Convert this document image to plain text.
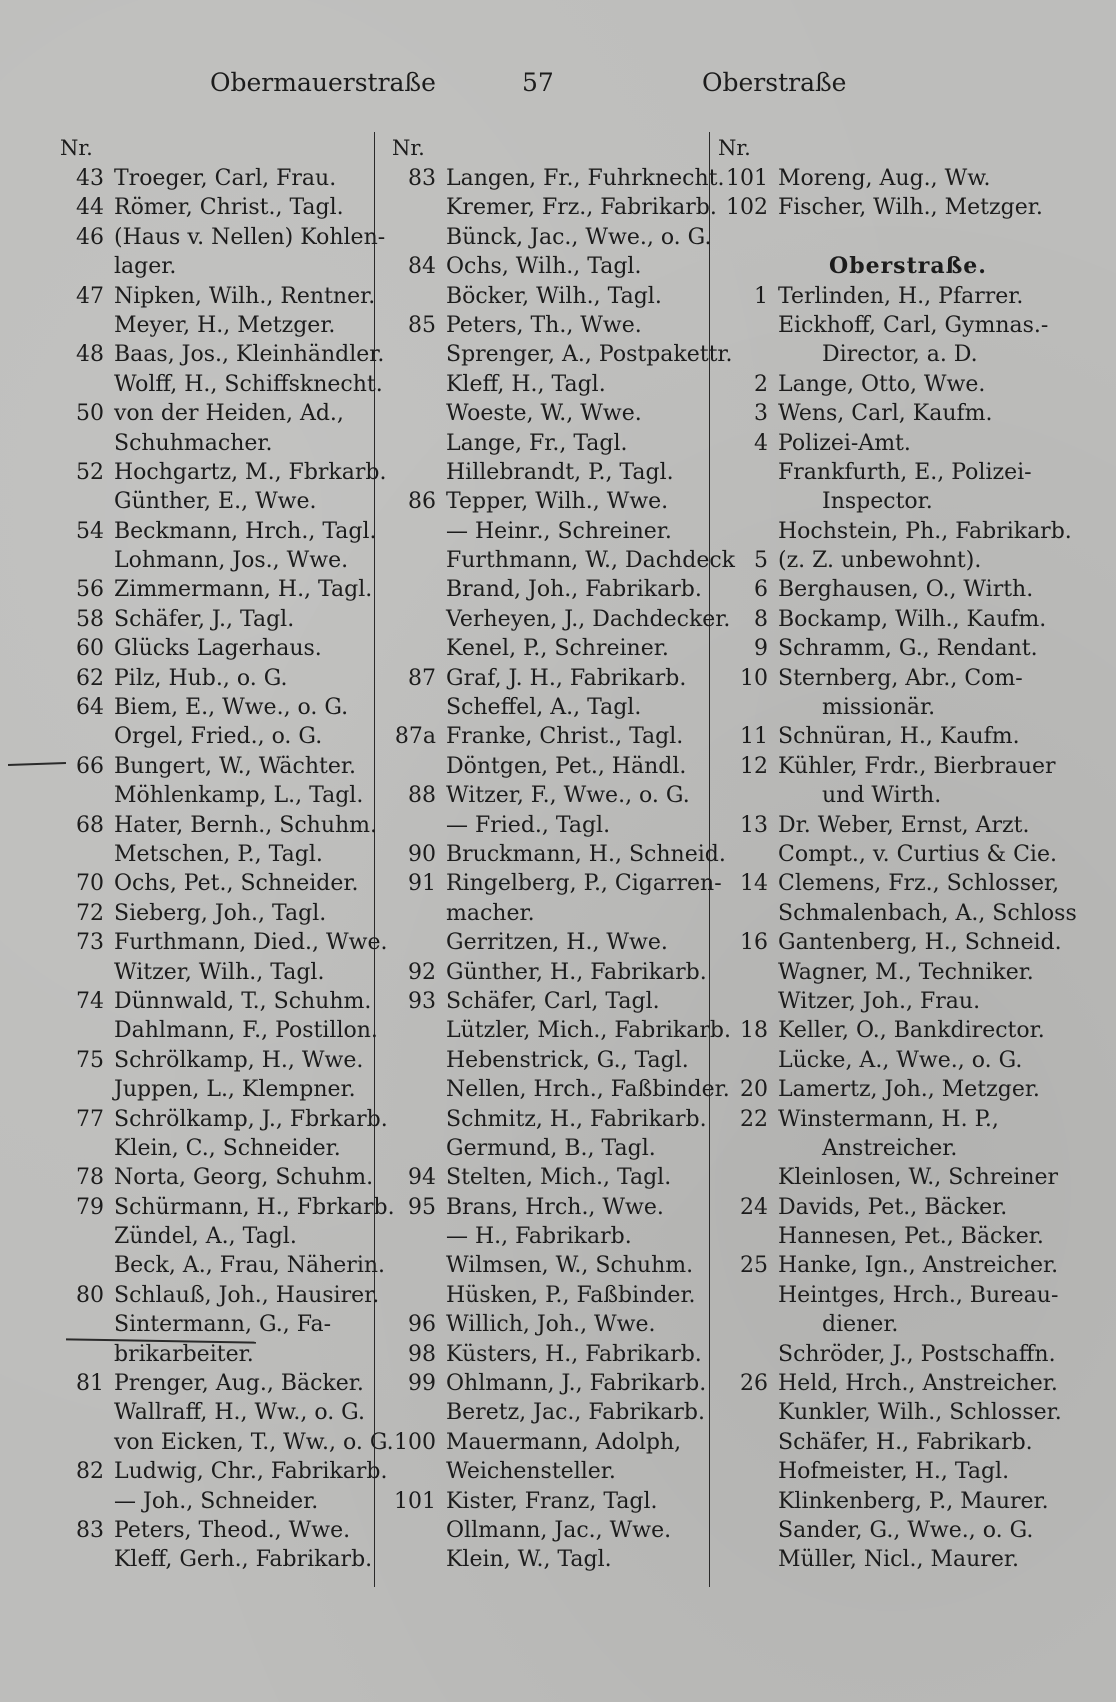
Obermauerstraße	57	Oberstraße
Nr.
43 Troeger, Carl, Frau.
44 Römer, Christ., Tagl.
46 (Haus v. Nellen) Kohlen-
lager.
47 Nipken, Wilh., Rentner.
Meyer, H., Metzger.
48 Baas, Jos., Kleinhändler.
Wolff, H., Schiffsknecht.
50 von der Heiden, Ad.,
Schuhmacher.
52 Hochgartz, M., Fbrkarb.
Günther, E., Wwe.
54 Beckmann, Hrch., Tagl.
Lohmann, Jos., Wwe.
56 Zimmermann, H., Tagl.
58 Schäfer, J., Tagl.
60 Glücks Lagerhaus.
62 Pilz, Hub., o. G.
64 Biem, E., Wwe., o. G.
Orgel, Fried., o. G.
66 Bungert, W., Wächter.
Möhlenkamp, L., Tagl.
68 Hater, Bernh., Schuhm.
Metschen, P., Tagl.
70 Ochs, Pet., Schneider.
72 Sieberg, Joh., Tagl.
73 Furthmann, Died., Wwe.
Witzer, Wilh., Tagl.
74 Dünnwald, T., Schuhm.
Dahlmann, F., Postillon.
75 Schrölkamp, H., Wwe.
Juppen, L., Klempner.
77 Schrölkamp, J., Fbrkarb.
Klein, C., Schneider.
78 Norta, Georg, Schuhm.
79 Schürmann, H., Fbrkarb.
Zündel, A., Tagl.
Beck, A., Frau, Näherin.
80 Schlauß, Joh., Hausirer.
Sintermann, G., Fa-
brikarbeiter.
81 Prenger, Aug., Bäcker.
Wallraff, H., Ww., o. G.
von Eicken, T., Ww., o. G.
82 Ludwig, Chr., Fabrikarb.
— Joh., Schneider.
83 Peters, Theod., Wwe.
Kleff, Gerh., Fabrikarb.
Nr.
83 Langen, Fr., Fuhrknecht.
Kremer, Frz., Fabrikarb.
Bünck, Jac., Wwe., o. G.
84 Ochs, Wilh., Tagl.
Böcker, Wilh., Tagl.
85 Peters, Th., Wwe.
Sprenger, A., Postpakettr.
Kleff, H., Tagl.
Woeste, W., Wwe.
Lange, Fr., Tagl.
Hillebrandt, P., Tagl.
86 Tepper, Wilh., Wwe.
— Heinr., Schreiner.
Furthmann, W., Dachdeck
Brand, Joh., Fabrikarb.
Verheyen, J., Dachdecker.
Kenel, P., Schreiner.
87 Graf, J. H., Fabrikarb.
Scheffel, A., Tagl.
87a Franke, Christ., Tagl.
Döntgen, Pet., Händl.
88 Witzer, F., Wwe., o. G.
— Fried., Tagl.
90 Bruckmann, H., Schneid.
91 Ringelberg, P., Cigarren-
macher.
Gerritzen, H., Wwe.
92 Günther, H., Fabrikarb.
93 Schäfer, Carl, Tagl.
Lützler, Mich., Fabrikarb.
Hebenstrick, G., Tagl.
Nellen, Hrch., Faßbinder.
Schmitz, H., Fabrikarb.
Germund, B., Tagl.
94 Stelten, Mich., Tagl.
95 Brans, Hrch., Wwe.
— H., Fabrikarb.
Wilmsen, W., Schuhm.
Hüsken, P., Faßbinder.
96 Willich, Joh., Wwe.
98 Küsters, H., Fabrikarb.
99 Ohlmann, J., Fabrikarb.
Beretz, Jac., Fabrikarb.
100 Mauermann, Adolph,
Weichensteller.
101 Kister, Franz, Tagl.
Ollmann, Jac., Wwe.
Klein, W., Tagl.
Nr.
101 Moreng, Aug., Ww.
102 Fischer, Wilh., Metzger.
Oberstraße.
1 Terlinden, H., Pfarrer.
Eickhoff, Carl, Gymnas.-
Director, a. D.
2 Lange, Otto, Wwe.
3 Wens, Carl, Kaufm.
4 Polizei-Amt.
Frankfurth, E., Polizei-
Inspector.
Hochstein, Ph., Fabrikarb.
5 (z. Z. unbewohnt).
6 Berghausen, O., Wirth.
8 Bockamp, Wilh., Kaufm.
9 Schramm, G., Rendant.
10 Sternberg, Abr., Com-
missionär.
11 Schnüran, H., Kaufm.
12 Kühler, Frdr., Bierbrauer
und Wirth.
13 Dr. Weber, Ernst, Arzt.
Compt., v. Curtius & Cie.
14 Clemens, Frz., Schlosser,
Schmalenbach, A., Schloss
16 Gantenberg, H., Schneid.
Wagner, M., Techniker.
Witzer, Joh., Frau.
18 Keller, O., Bankdirector.
Lücke, A., Wwe., o. G.
20 Lamertz, Joh., Metzger.
22 Winstermann, H. P.,
Anstreicher.
Kleinlosen, W., Schreiner
24 Davids, Pet., Bäcker.
Hannesen, Pet., Bäcker.
25 Hanke, Ign., Anstreicher.
Heintges, Hrch., Bureau-
diener.
Schröder, J., Postschaffn.
26 Held, Hrch., Anstreicher.
Kunkler, Wilh., Schlosser.
Schäfer, H., Fabrikarb.
Hofmeister, H., Tagl.
Klinkenberg, P., Maurer.
Sander, G., Wwe., o. G.
Müller, Nicl., Maurer.
